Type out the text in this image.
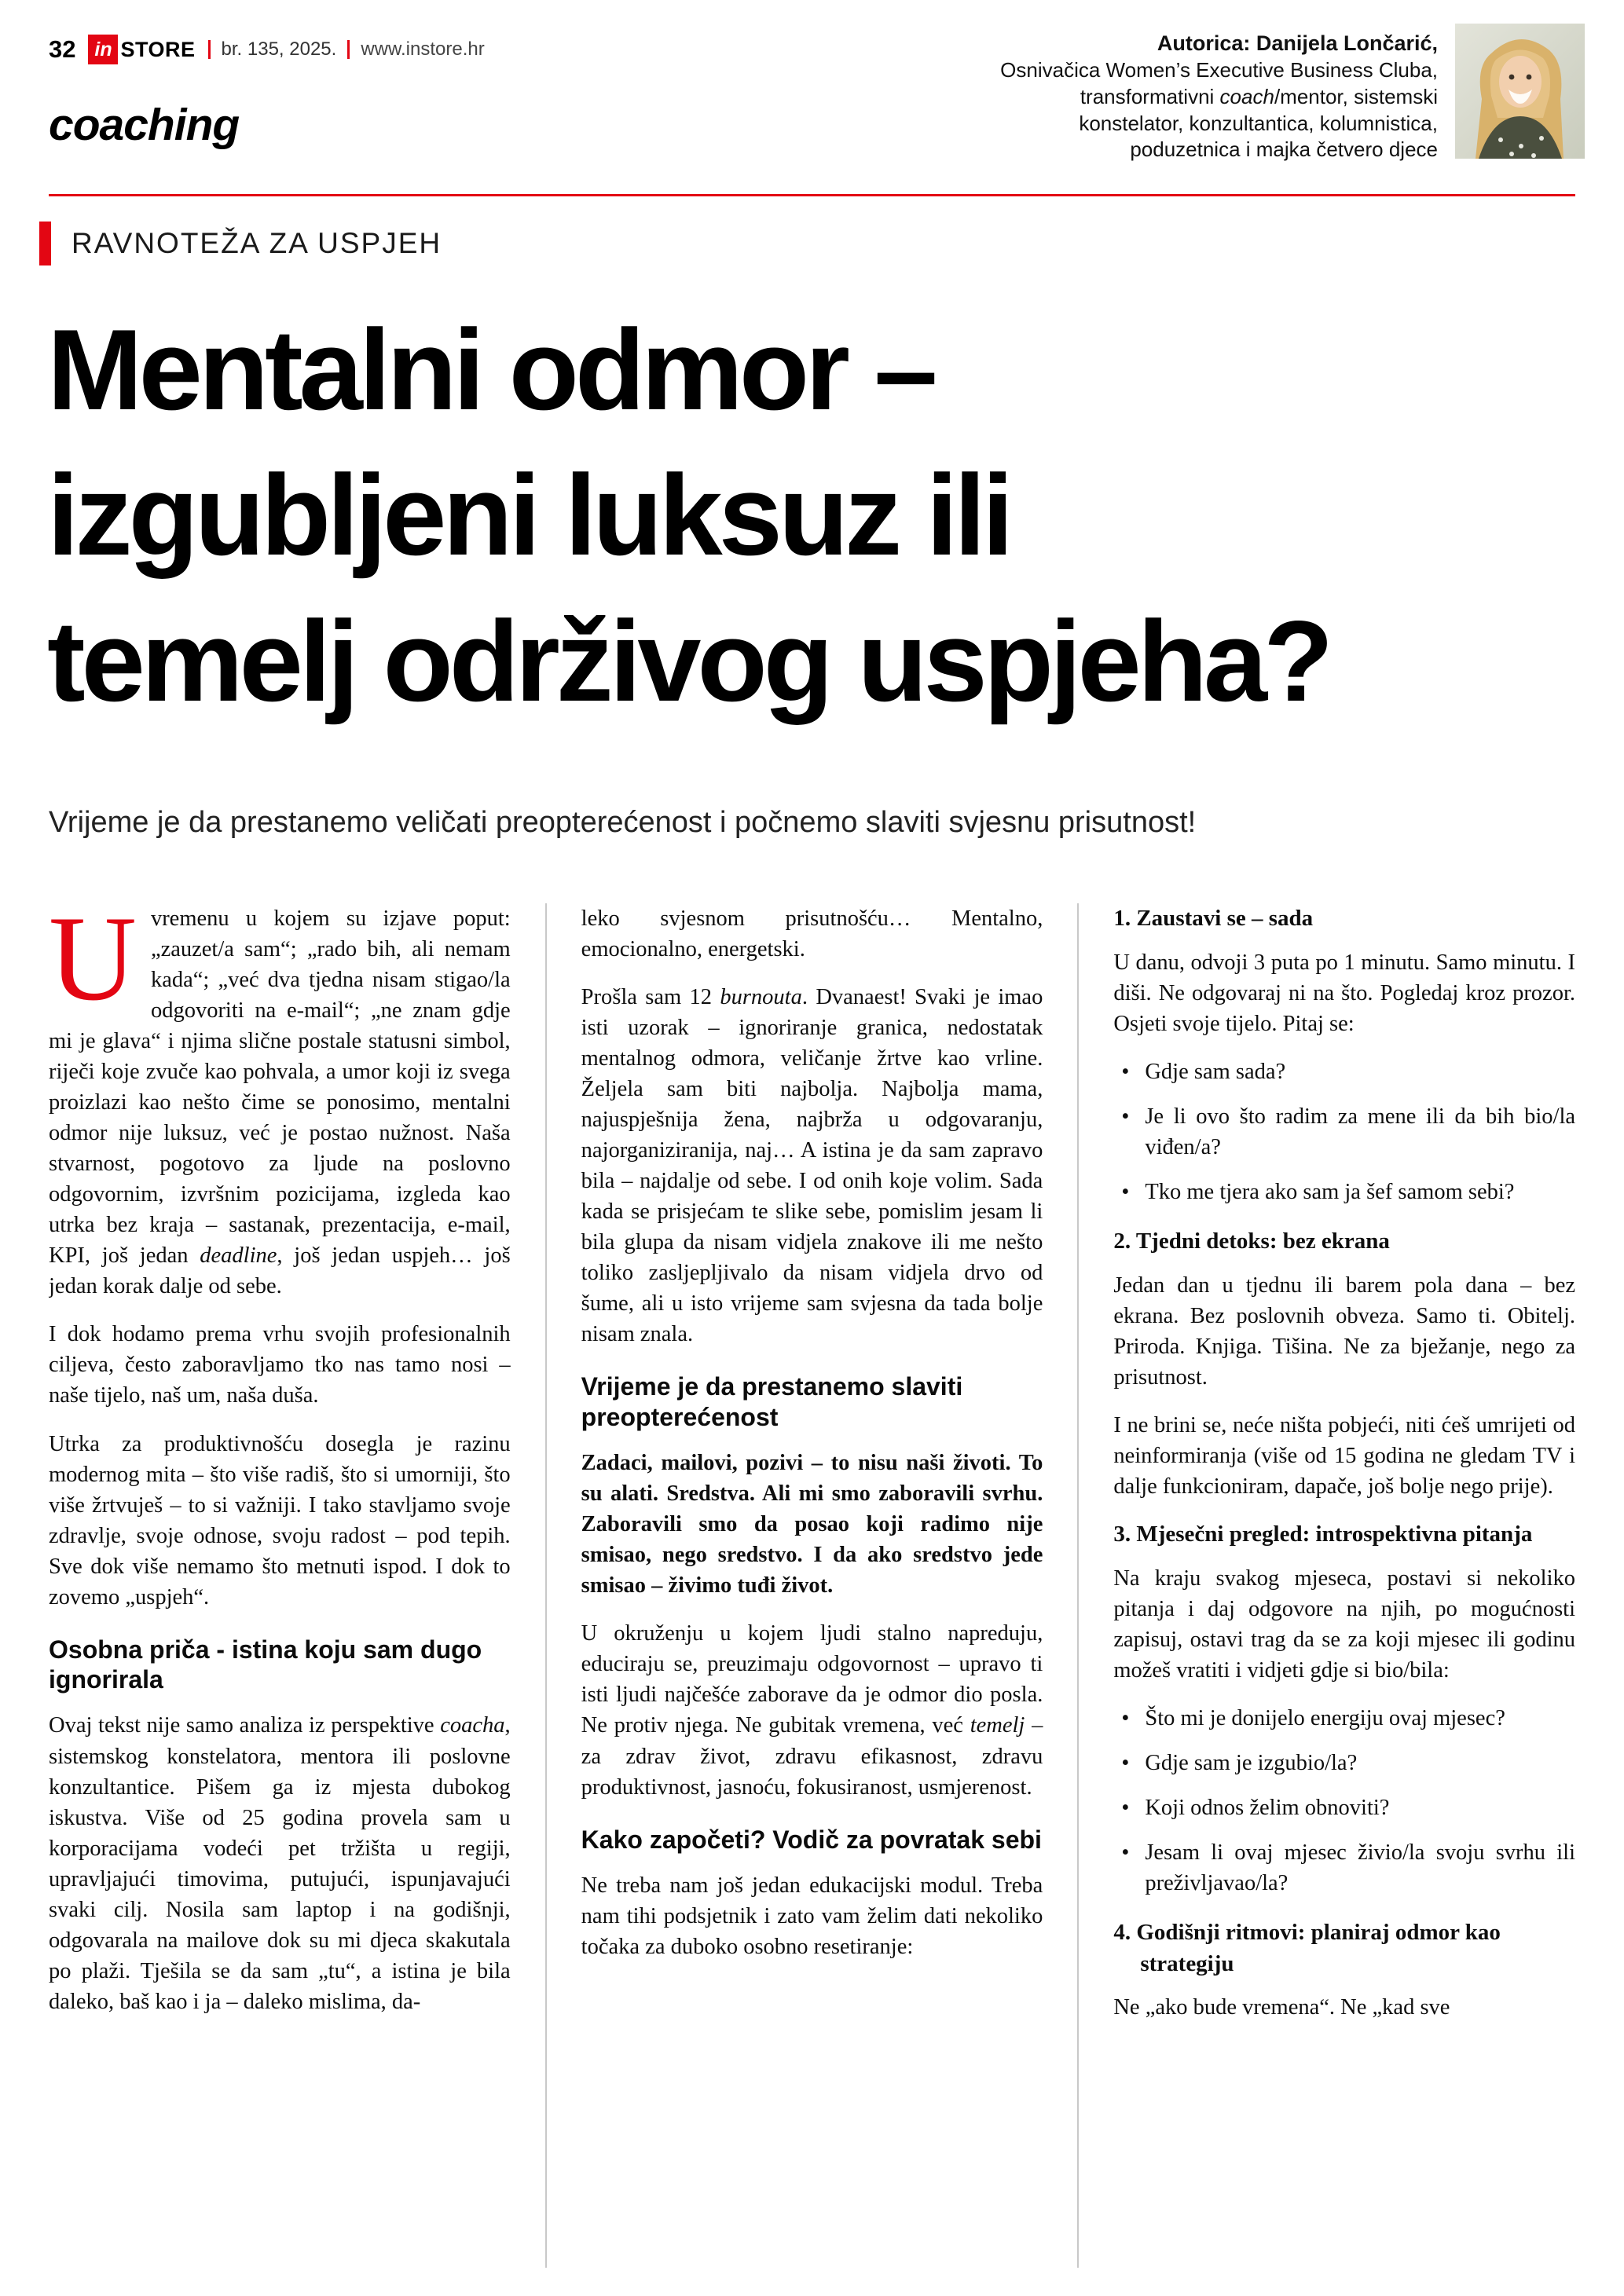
32 in STORE br. 135, 2025. www.instore.hr	Autorica: Danijela Lončarić,
Osnivačica Women’s Executive Business Cluba,
transformativni coach/mentor, sistemski
konstelator, konzultantica, kolumnistica,
poduzetnica i majka četvero djece
coaching
RAVNOTEŽA ZA USPJEH
Mentalni odmor –
izgubljeni luksuz ili
temelj održivog uspjeha?
Vrijeme je da prestanemo veličati preopterećenost i počnemo slaviti svjesnu prisutnost!

Uvremenu u kojem su izjave poput: „zauzet/a sam“; „rado bih, ali nemam kada“; „već dva tjedna nisam stigao/la odgovoriti na e-mail“; „ne znam gdje mi je glava“ i njima slične postale statusni simbol, riječi koje zvuče kao pohvala, a umor koji iz svega proizlazi kao nešto čime se ponosimo, mentalni odmor nije luksuz, već je postao nužnost. Naša stvarnost, pogotovo za ljude na poslovno odgovornim, izvršnim pozicijama, izgleda kao utrka bez kraja – sastanak, prezentacija, e-mail, KPI, još jedan deadline, još jedan uspjeh… još jedan korak dalje od sebe.

I dok hodamo prema vrhu svojih profesionalnih ciljeva, često zaboravljamo tko nas tamo nosi – naše tijelo, naš um, naša duša.

Utrka za produktivnošću dosegla je razinu modernog mita – što više radiš, što si umorniji, što više žrtvuješ – to si važniji. I tako stavljamo svoje zdravlje, svoje odnose, svoju radost – pod tepih. Sve dok više nemamo što metnuti ispod. I dok to zovemo „uspjeh“.

Osobna priča - istina koju sam dugo ignorirala

Ovaj tekst nije samo analiza iz perspektive coacha, sistemskog konstelatora, mentora ili poslovne konzultantice. Pišem ga iz mjesta dubokog iskustva. Više od 25 godina provela sam u korporacijama vodeći pet tržišta u regiji, upravljajući timovima, putujući, ispunjavajući svaki cilj. Nosila sam laptop i na godišnji, odgovarala na mailove dok su mi djeca skakutala po plaži. Tješila se da sam „tu“, a istina je bila daleko, baš kao i ja – daleko mislima, da-

leko svjesnom prisutnošću… Mentalno, emocionalno, energetski.

Prošla sam 12 burnouta. Dvanaest! Svaki je imao isti uzorak – ignoriranje granica, nedostatak mentalnog odmora, veličanje žrtve kao vrline. Željela sam biti najbolja. Najbolja mama, najuspješnija žena, najbrža u odgovaranju, najorganiziranija, naj… A istina je da sam zapravo bila – najdalje od sebe. I od onih koje volim. Sada kada se prisjećam te slike sebe, pomislim jesam li bila glupa da nisam vidjela znakove ili me nešto toliko zasljepljivalo da nisam vidjela drvo od šume, ali u isto vrijeme sam svjesna da tada bolje nisam znala.

Vrijeme je da prestanemo slaviti preopterećenost

Zadaci, mailovi, pozivi – to nisu naši životi. To su alati. Sredstva. Ali mi smo zaboravili svrhu. Zaboravili smo da posao koji radimo nije smisao, nego sredstvo. I da ako sredstvo jede smisao – živimo tuđi život.

U okruženju u kojem ljudi stalno napreduju, educiraju se, preuzimaju odgovornost – upravo ti isti ljudi najčešće zaborave da je odmor dio posla. Ne protiv njega. Ne gubitak vremena, već temelj – za zdrav život, zdravu efikasnost, zdravu produktivnost, jasnoću, fokusiranost, usmjerenost.

Kako započeti? Vodič za povratak sebi

Ne treba nam još jedan edukacijski modul. Treba nam tihi podsjetnik i zato vam želim dati nekoliko točaka za duboko osobno resetiranje:

1. Zaustavi se – sada

U danu, odvoji 3 puta po 1 minutu. Samo minutu. I diši. Ne odgovaraj ni na što. Pogledaj kroz prozor. Osjeti svoje tijelo. Pitaj se:

• Gdje sam sada?
• Je li ovo što radim za mene ili da bih bio/la viđen/a?
• Tko me tjera ako sam ja šef samom sebi?
2. Tjedni detoks: bez ekrana

Jedan dan u tjednu ili barem pola dana – bez ekrana. Bez poslovnih obveza. Samo ti. Obitelj. Priroda. Knjiga. Tišina. Ne za bježanje, nego za prisutnost.

I ne brini se, neće ništa pobjeći, niti ćeš umrijeti od neinformiranja (više od 15 godina ne gledam TV i dalje funkcioniram, dapače, još bolje nego prije).

3. Mjesečni pregled: introspektivna pitanja

Na kraju svakog mjeseca, postavi si nekoliko pitanja i daj odgovore na njih, po mogućnosti zapisuj, ostavi trag da se za koji mjesec ili godinu možeš vratiti i vidjeti gdje si bio/bila:

• Što mi je donijelo energiju ovaj mjesec?
• Gdje sam je izgubio/la?
• Koji odnos želim obnoviti?
• Jesam li ovaj mjesec živio/la svoju svrhu ili preživljavao/la?
4. Godišnji ritmovi: planiraj odmor kao strategiju

Ne „ako bude vremena“. Ne „kad sve
